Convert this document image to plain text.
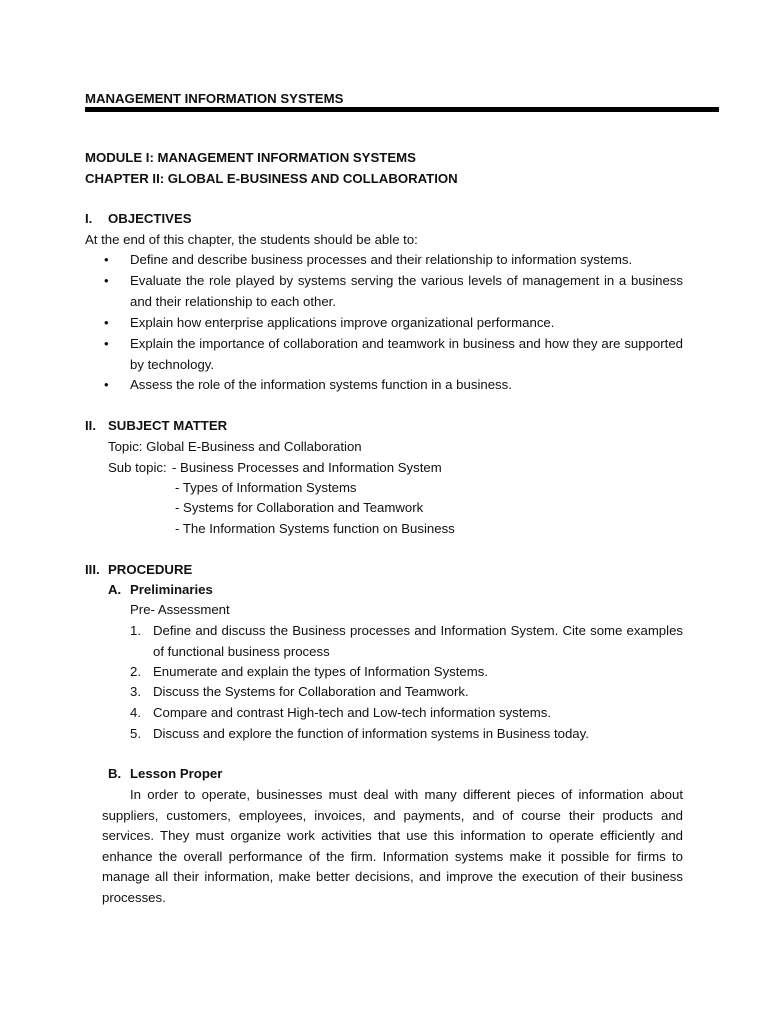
MANAGEMENT INFORMATION SYSTEMS
MODULE I: MANAGEMENT INFORMATION SYSTEMS
CHAPTER II: GLOBAL E-BUSINESS AND COLLABORATION
I. OBJECTIVES
At the end of this chapter, the students should be able to:
• Define and describe business processes and their relationship to information systems.
• Evaluate the role played by systems serving the various levels of management in a business and their relationship to each other.
• Explain how enterprise applications improve organizational performance.
• Explain the importance of collaboration and teamwork in business and how they are supported by technology.
• Assess the role of the information systems function in a business.
II. SUBJECT MATTER
Topic: Global E-Business and Collaboration
Sub topic: - Business Processes and Information System
- Types of Information Systems
- Systems for Collaboration and Teamwork
- The Information Systems function on Business
III. PROCEDURE
A. Preliminaries
Pre- Assessment
1. Define and discuss the Business processes and Information System. Cite some examples of functional business process
2. Enumerate and explain the types of Information Systems.
3. Discuss the Systems for Collaboration and Teamwork.
4. Compare and contrast High-tech and Low-tech information systems.
5. Discuss and explore the function of information systems in Business today.
B. Lesson Proper
In order to operate, businesses must deal with many different pieces of information about suppliers, customers, employees, invoices, and payments, and of course their products and services. They must organize work activities that use this information to operate efficiently and enhance the overall performance of the firm. Information systems make it possible for firms to manage all their information, make better decisions, and improve the execution of their business processes.
